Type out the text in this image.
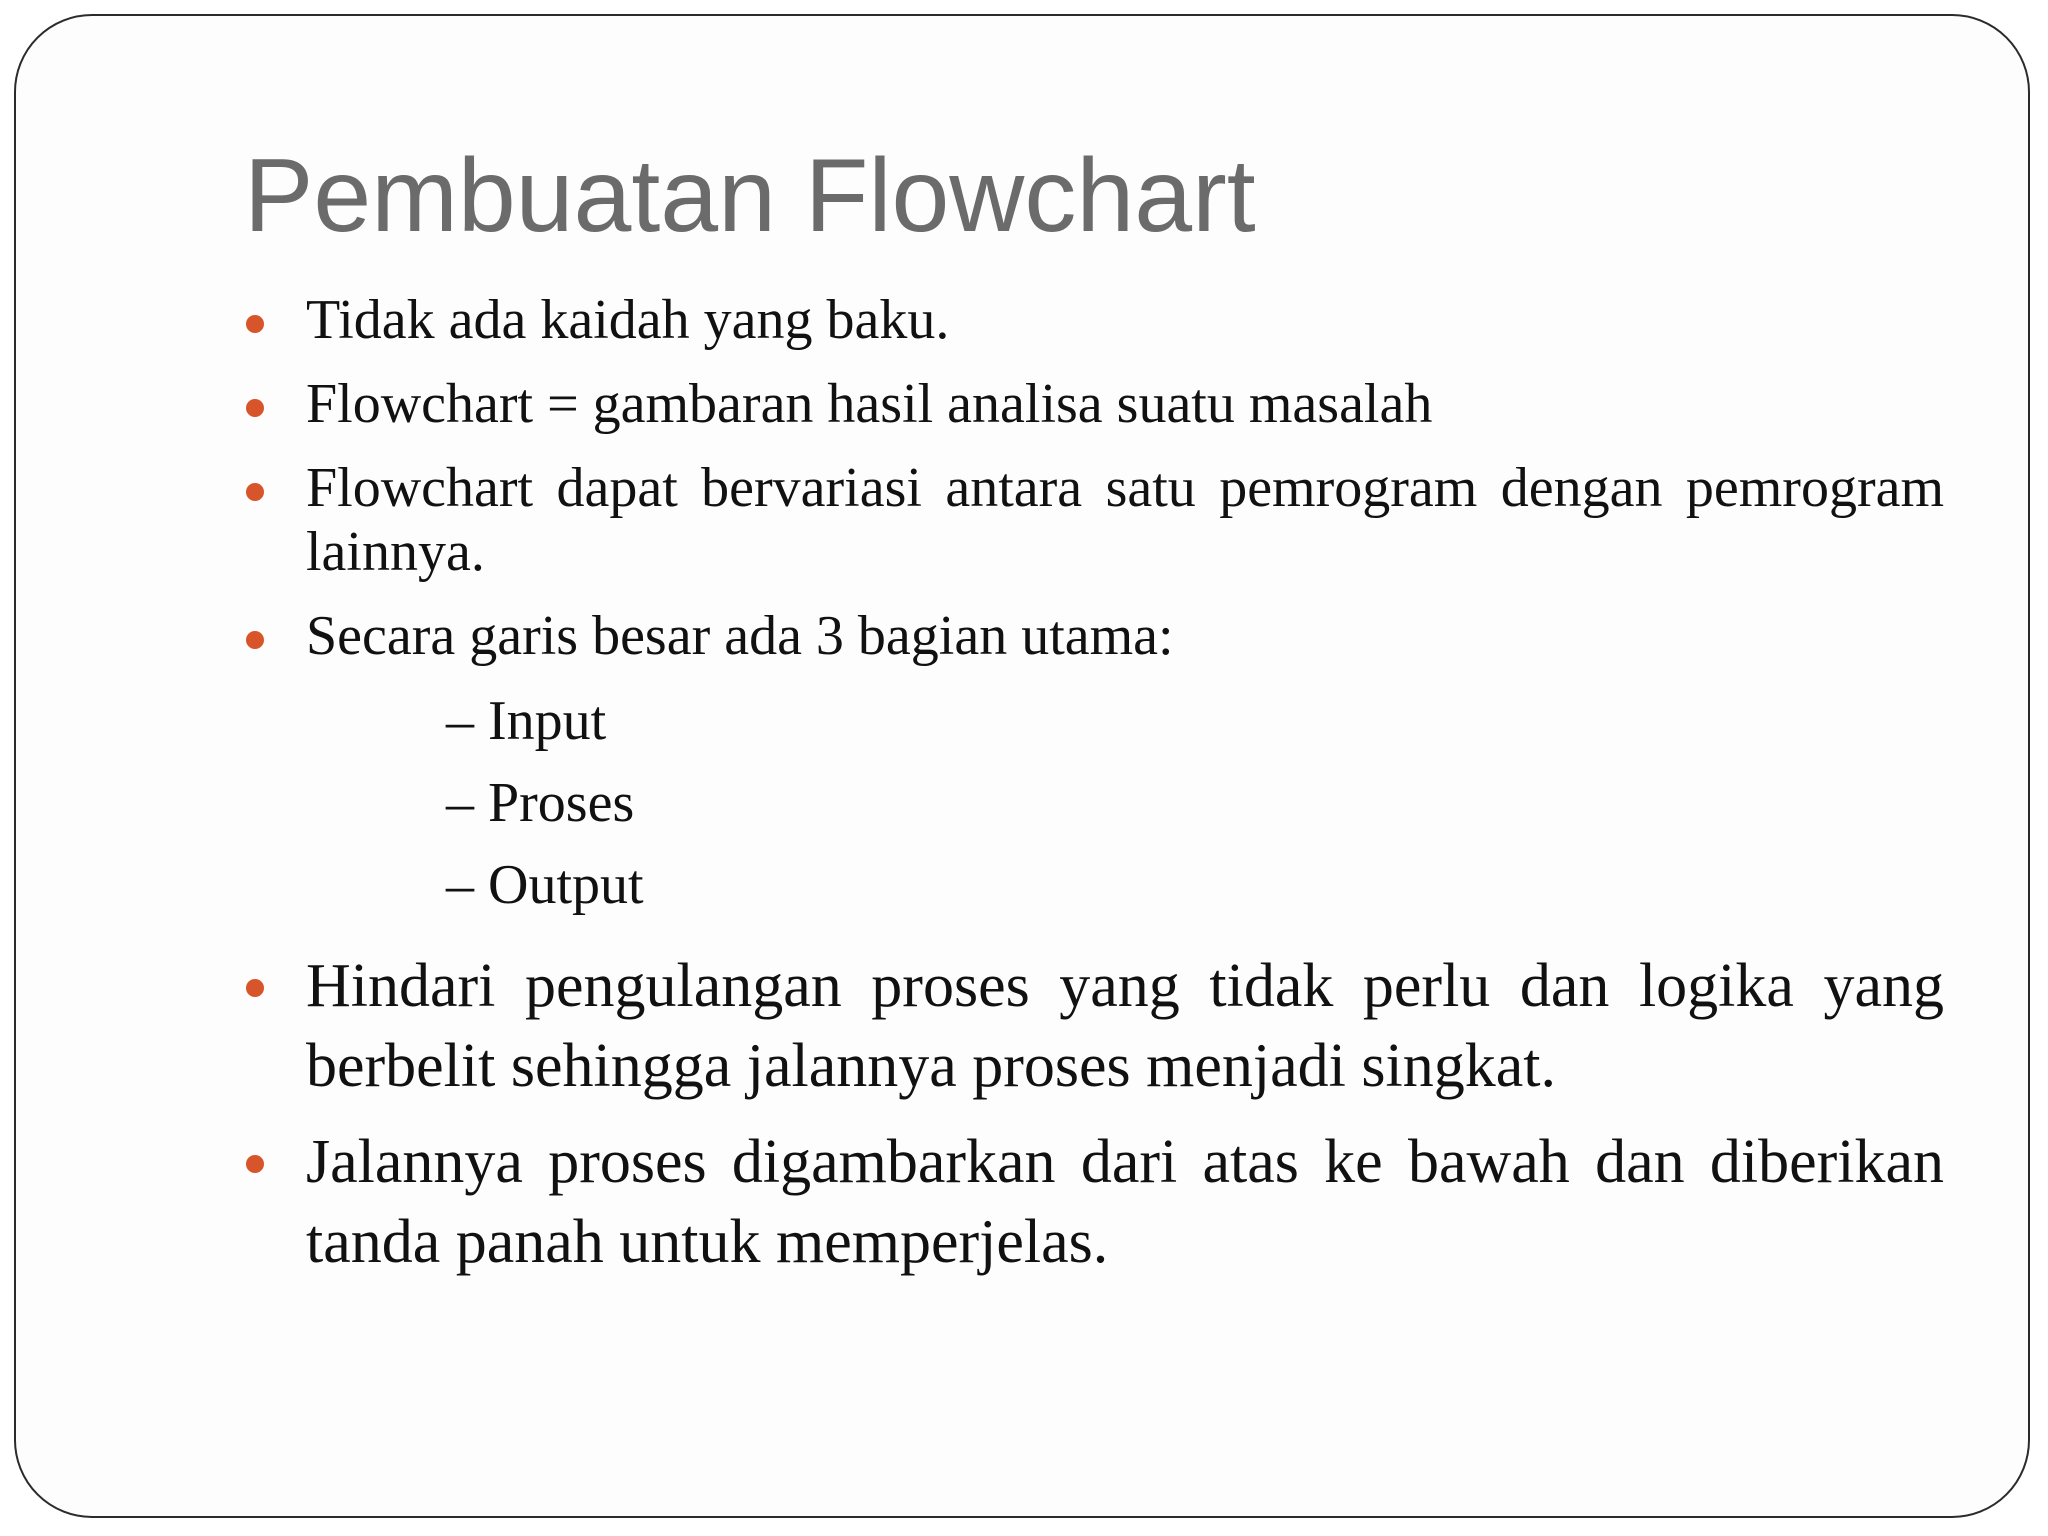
Pembuatan Flowchart
Tidak ada kaidah yang baku.
Flowchart = gambaran hasil analisa suatu masalah
Flowchart dapat bervariasi antara satu pemrogram dengan pemrogram lainnya.
Secara garis besar ada 3 bagian utama:
– Input
– Proses
– Output
Hindari pengulangan proses yang tidak perlu dan logika yang berbelit sehingga jalannya proses menjadi singkat.
Jalannya proses digambarkan dari atas ke bawah dan diberikan tanda panah untuk memperjelas.
